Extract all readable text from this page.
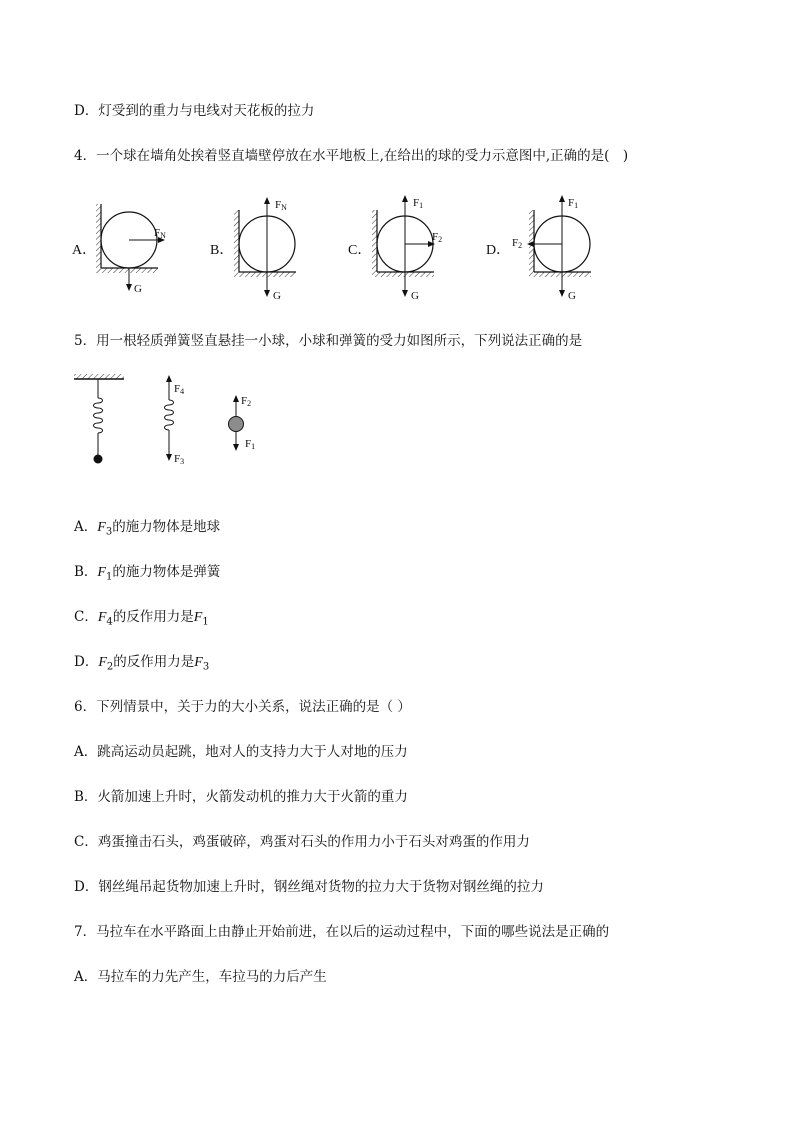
D．灯受到的重力与电线对天花板的拉力
4．一个球在墙角处挨着竖直墙壁停放在水平地板上,在给出的球的受力示意图中,正确的是(　)
A．
FN
G
B．
FN
G
C．
F1
F2
G
D．
F1
F2
G
5．用一根轻质弹簧竖直悬挂一小球，小球和弹簧的受力如图所示，下列说法正确的是
F4
F3
F2
F1
A．$F_3$的施力物体是地球
B．$F_1$的施力物体是弹簧
C．$F_4$的反作用力是$F_1$
D．$F_2$的反作用力是$F_3$
6．下列情景中，关于力的大小关系，说法正确的是（ ）
A．跳高运动员起跳，地对人的支持力大于人对地的压力
B．火箭加速上升时，火箭发动机的推力大于火箭的重力
C．鸡蛋撞击石头，鸡蛋破碎，鸡蛋对石头的作用力小于石头对鸡蛋的作用力
D．钢丝绳吊起货物加速上升时，钢丝绳对货物的拉力大于货物对钢丝绳的拉力
7．马拉车在水平路面上由静止开始前进，在以后的运动过程中，下面的哪些说法是正确的
A．马拉车的力先产生，车拉马的力后产生
